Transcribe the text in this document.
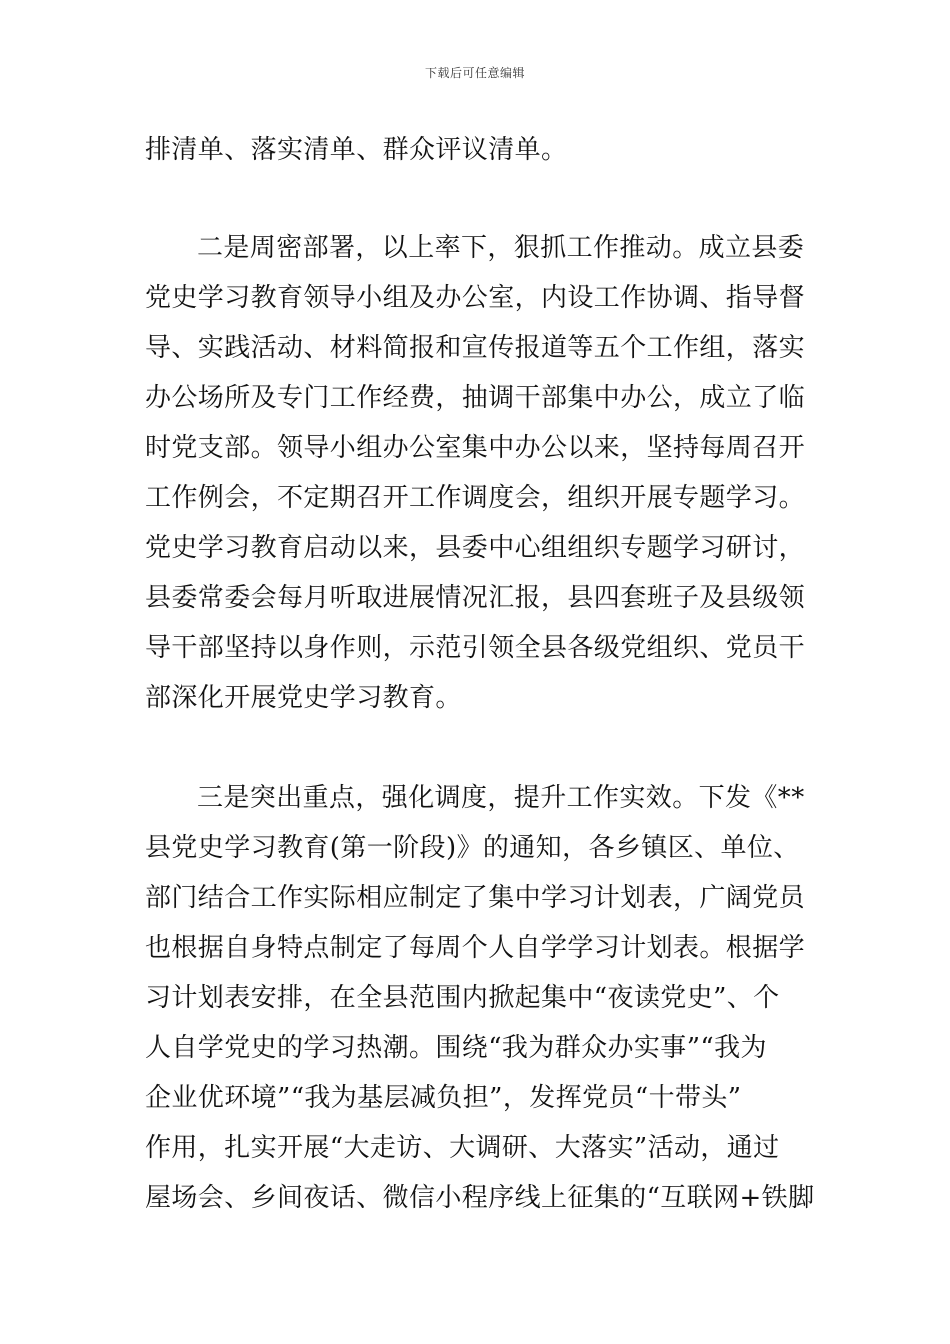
下载后可任意编辑
排清单、落实清单、群众评议清单。
二是周密部署，以上率下，狠抓工作推动。成立县委
党史学习教育领导小组及办公室，内设工作协调、指导督
导、实践活动、材料简报和宣传报道等五个工作组，落实
办公场所及专门工作经费，抽调干部集中办公，成立了临
时党支部。领导小组办公室集中办公以来，坚持每周召开
工作例会，不定期召开工作调度会，组织开展专题学习。
党史学习教育启动以来，县委中心组组织专题学习研讨，
县委常委会每月听取进展情况汇报，县四套班子及县级领
导干部坚持以身作则，示范引领全县各级党组织、党员干
部深化开展党史学习教育。
三是突出重点，强化调度，提升工作实效。下发《**
县党史学习教育(第一阶段)》的通知，各乡镇区、单位、
部门结合工作实际相应制定了集中学习计划表，广阔党员
也根据自身特点制定了每周个人自学学习计划表。根据学
习计划表安排，在全县范围内掀起集中“夜读党史”、个
人自学党史的学习热潮。围绕“我为群众办实事”“我为
企业优环境”“我为基层减负担”，发挥党员“十带头”
作用，扎实开展“大走访、大调研、大落实”活动，通过
屋场会、乡间夜话、微信小程序线上征集的“互联网+铁脚
